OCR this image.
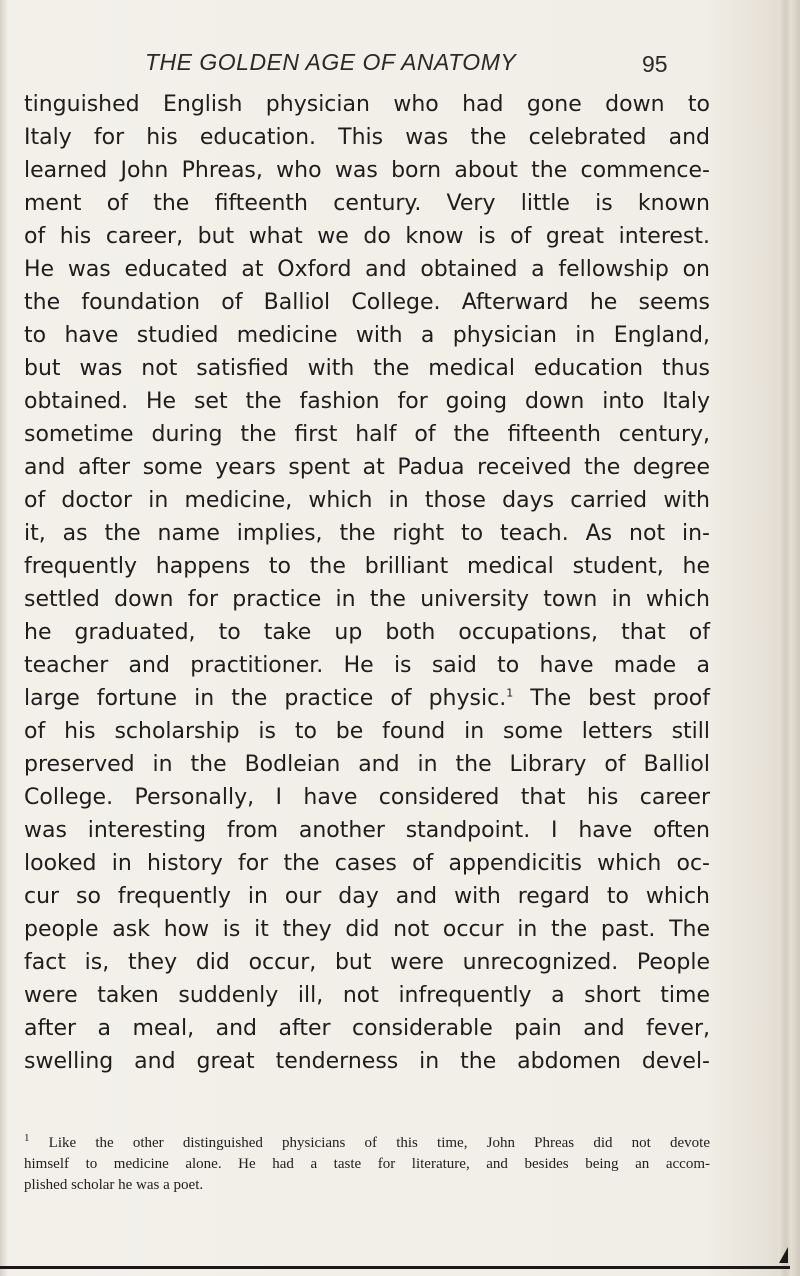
THE GOLDEN AGE OF ANATOMY	95
tinguished English physician who had gone down to
Italy for his education. This was the celebrated and
learned John Phreas, who was born about the commence-
ment of the fifteenth century. Very little is known
of his career, but what we do know is of great interest.
He was educated at Oxford and obtained a fellowship on
the foundation of Balliol College. Afterward he seems
to have studied medicine with a physician in England,
but was not satisfied with the medical education thus
obtained. He set the fashion for going down into Italy
sometime during the first half of the fifteenth century,
and after some years spent at Padua received the degree
of doctor in medicine, which in those days carried with
it, as the name implies, the right to teach. As not in-
frequently happens to the brilliant medical student, he
settled down for practice in the university town in which
he graduated, to take up both occupations, that of
teacher and practitioner. He is said to have made a
large fortune in the practice of physic.$^1$ The best proof
of his scholarship is to be found in some letters still
preserved in the Bodleian and in the Library of Balliol
College. Personally, I have considered that his career
was interesting from another standpoint. I have often
looked in history for the cases of appendicitis which oc-
cur so frequently in our day and with regard to which
people ask how is it they did not occur in the past. The
fact is, they did occur, but were unrecognized. People
were taken suddenly ill, not infrequently a short time
after a meal, and after considerable pain and fever,
swelling and great tenderness in the abdomen devel-
$^1$ Like the other distinguished physicians of this time, John Phreas did not devote
himself to medicine alone. He had a taste for literature, and besides being an accom-
plished scholar he was a poet.
